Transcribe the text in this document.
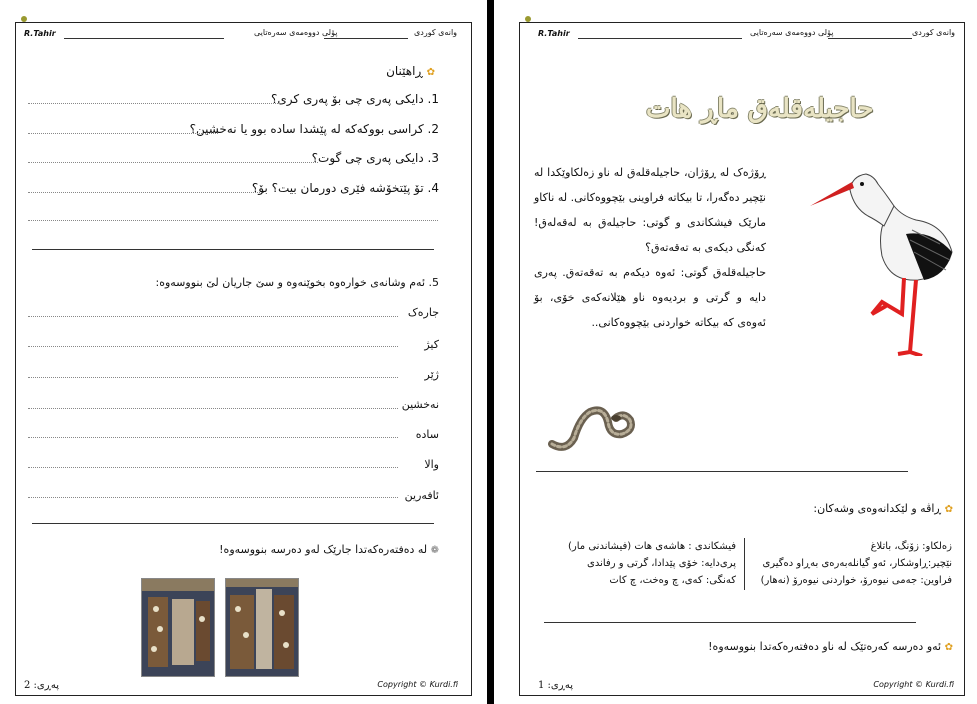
R.Tahir	پۆلی دووەمەی سەرەتایی	وانەی کوردی
✿ ڕاهێنان
1. دایکی پەری چی بۆ پەری کری؟
2. کراسی بووکەکە لە پێشدا سادە بوو یا نەخشین؟
3. دایکی پەری چی گوت؟
4. تۆ پێتخۆشە فێری دورمان بیت؟ بۆ؟
5. ئەم وشانەی خوارەوە بخوێنەوە و سێ جاریان لێ بنووسەوە:
جارەک
کیژ
ژێر
نەخشین
سادە
والا
ئافەرین
❁ لە دەفتەرەکەتدا جارێک لەو دەرسە بنووسەوە!
پەڕی: 2	Copyright © Kurdi.fi
R.Tahir	پۆلی دووەمەی سەرەتایی	وانەی کوردی
حاجیلەقلەق ماڕ هات
ڕۆژەک لە ڕۆژان، حاجیلەقلەق لە ناو زەلکاوێکدا لە نێچیر دەگەرا، تا بیکاتە فراوینی بێچووەکانی. لە ناکاو مارێک فیشکاندی و گوتی: حاجیلەق بە لەقەلەق! کەنگی دیکەی بە تەقەتەق؟
حاجیلەقلەق گوتی: ئەوە دیکەم بە تەقەتەق. پەری دایە و گرتی و بردیەوە ناو هێلانەکەی خۆی، بۆ ئەوەی کە بیکاتە خواردنی بێچووەکانی..
✿ ڕاڤە و لێکدانەوەی وشەکان:
زەلکاو: زۆنگ، باتلاغ
نێچیر:ڕاوشکار، ئەو گیانلەبەرەی بەڕاو دەگیری
فراوین: جەمی نیوەرۆ، خواردنی نیوەرۆ (نەهار)
فیشکاندی : هاشەی هات (فیشاندنی مار)
پری‌دایە: خۆی پێدادا، گرتی و رفاندی
کەنگی: کەی، چ وەخت، چ کات
✿ ئەو دەرسە کەرەتێک لە ناو دەفتەرەکەتدا بنووسەوە!
پەڕی: 1	Copyright © Kurdi.fi
